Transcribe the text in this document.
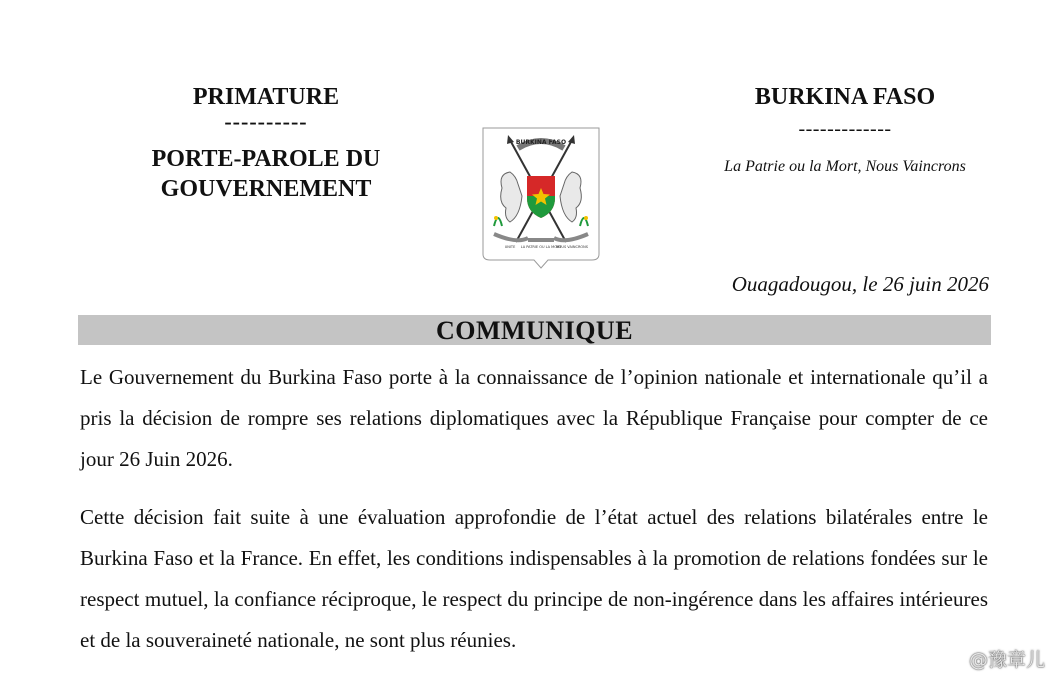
PRIMATURE
----------
PORTE-PAROLE DU
GOUVERNEMENT
BURKINA FASO
-------------
La Patrie ou la Mort, Nous Vaincrons
BURKINA FASO
UNITE LA PATRIE OU LA MORT
NOUS VAINCRONS
Ouagadougou, le 26 juin 2026
COMMUNIQUE
Le Gouvernement du Burkina Faso porte à la connaissance de l’opinion nationale et internationale qu’il a pris la décision de rompre ses relations diplomatiques avec la République Française pour compter de ce jour 26 Juin 2026.
Cette décision fait suite à une évaluation approfondie de l’état actuel des relations bilatérales entre le Burkina Faso et la France. En effet, les conditions indispensables à la promotion de relations fondées sur le respect mutuel, la confiance réciproque, le respect du principe de non-ingérence dans les affaires intérieures et de la souveraineté nationale, ne sont plus réunies.
@豫章儿
